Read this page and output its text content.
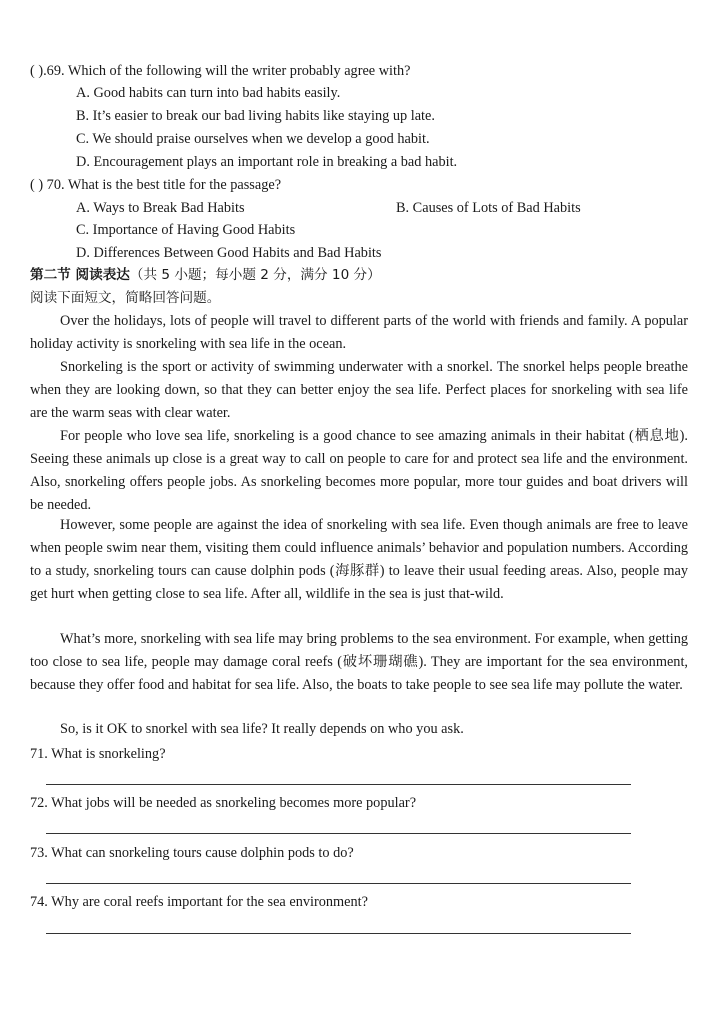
( ).69. Which of the following will the writer probably agree with?
A. Good habits can turn into bad habits easily.
B. It’s easier to break our bad living habits like staying up late.
C. We should praise ourselves when we develop a good habit.
D. Encouragement plays an important role in breaking a bad habit.
( ) 70. What is the best title for the passage?
A. Ways to Break Bad Habits	B. Causes of Lots of Bad Habits
C. Importance of Having Good Habits
D. Differences Between Good Habits and Bad Habits
第二节 阅读表达（共 5 小题；每小题 2 分，满分 10 分）
阅读下面短文，简略回答问题。
Over the holidays, lots of people will travel to different parts of the world with friends and family. A popular holiday activity is snorkeling with sea life in the ocean.
Snorkeling is the sport or activity of swimming underwater with a snorkel. The snorkel helps people breathe when they are looking down, so that they can better enjoy the sea life. Perfect places for snorkeling with sea life are the warm seas with clear water.
For people who love sea life, snorkeling is a good chance to see amazing animals in their habitat (栖息地). Seeing these animals up close is a great way to call on people to care for and protect sea life and the environment. Also, snorkeling offers people jobs. As snorkeling becomes more popular, more tour guides and boat drivers will be needed.
However, some people are against the idea of snorkeling with sea life. Even though animals are free to leave when people swim near them, visiting them could influence animals’ behavior and population numbers. According to a study, snorkeling tours can cause dolphin pods (海豚群) to leave their usual feeding areas. Also, people may get hurt when getting close to sea life. After all, wildlife in the sea is just that-wild.
What’s more, snorkeling with sea life may bring problems to the sea environment. For example, when getting too close to sea life, people may damage coral reefs (破坏珊瑚礁). They are important for the sea environment, because they offer food and habitat for sea life. Also, the boats to take people to see sea life may pollute the water.
So, is it OK to snorkel with sea life? It really depends on who you ask.
71. What is snorkeling?
72. What jobs will be needed as snorkeling becomes more popular?
73. What can snorkeling tours cause dolphin pods to do?
74. Why are coral reefs important for the sea environment?
